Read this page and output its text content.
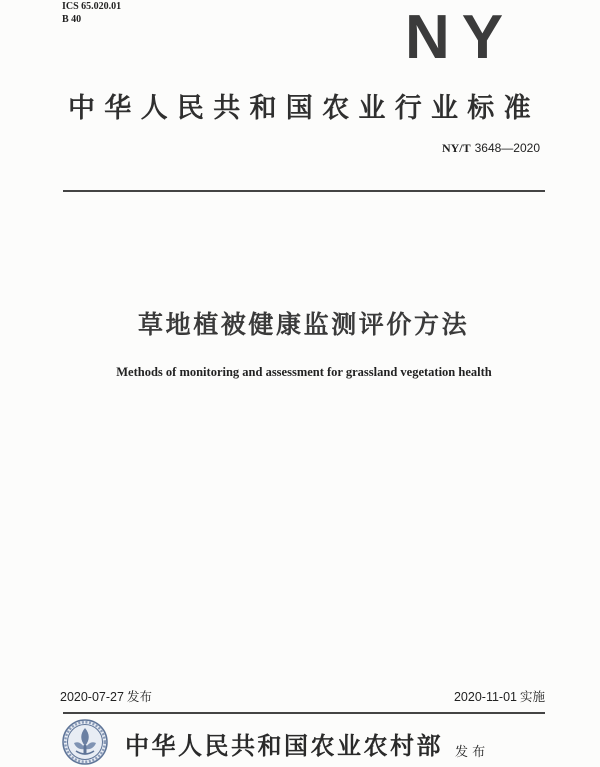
ICS 65.020.01
B 40	NY
中华人民共和国农业行业标准
NY/T 3648—2020
草地植被健康监测评价方法
Methods of monitoring and assessment for grassland vegetation health
2020-07-27 发布	2020-11-01 实施
中华人民共和国农业农村部 发 布
